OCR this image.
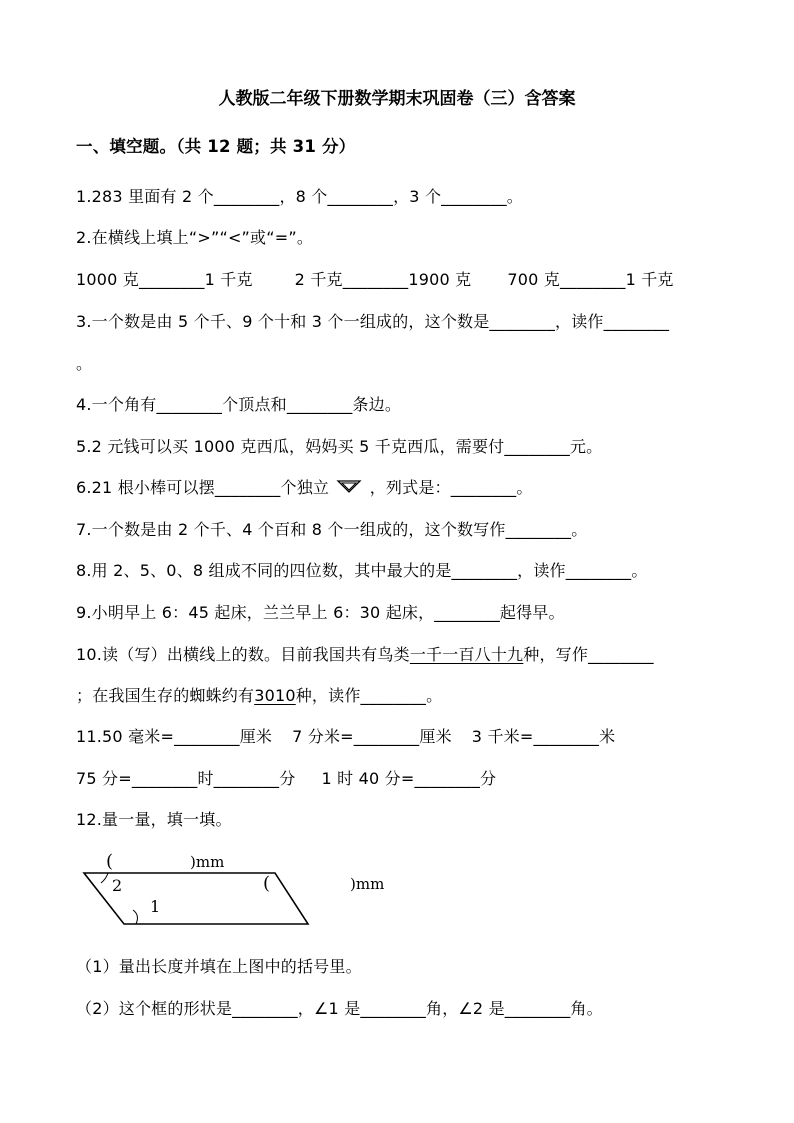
人教版二年级下册数学期末巩固卷（三）含答案
一、填空题。（共 12 题；共 31 分）
1.283 里面有 2 个________，8 个________，3 个________。
2.在横线上填上“>”“<”或“=”。
1000 克________1 千克	2 千克________1900 克 700 克________1 千克
3.一个数是由 5 个千、9 个十和 3 个一组成的，这个数是________，读作________
。
4.一个角有________个顶点和________条边。
5.2 元钱可以买 1000 克西瓜，妈妈买 5 千克西瓜，需要付________元。
6.21 根小棒可以摆________个独立	，列式是：________。
7.一个数是由 2 个千、4 个百和 8 个一组成的，这个数写作________。
8.用 2、5、0、8 组成不同的四位数，其中最大的是________，读作________。
9.小明早上 6：45 起床，兰兰早上 6：30 起床，________起得早。
10.读（写）出横线上的数。目前我国共有鸟类一千一百八十九种，写作________
；在我国生存的蜘蛛约有3010种，读作________。
11.50 毫米=________厘米 7 分米=________厘米 3 千米=________米
75 分=________时________分 1 时 40 分=________分
12.量一量，填一填。
2
1
(	)mm
(	)mm
（1）量出长度并填在上图中的括号里。
（2）这个框的形状是________，∠1 是________角，∠2 是________角。
